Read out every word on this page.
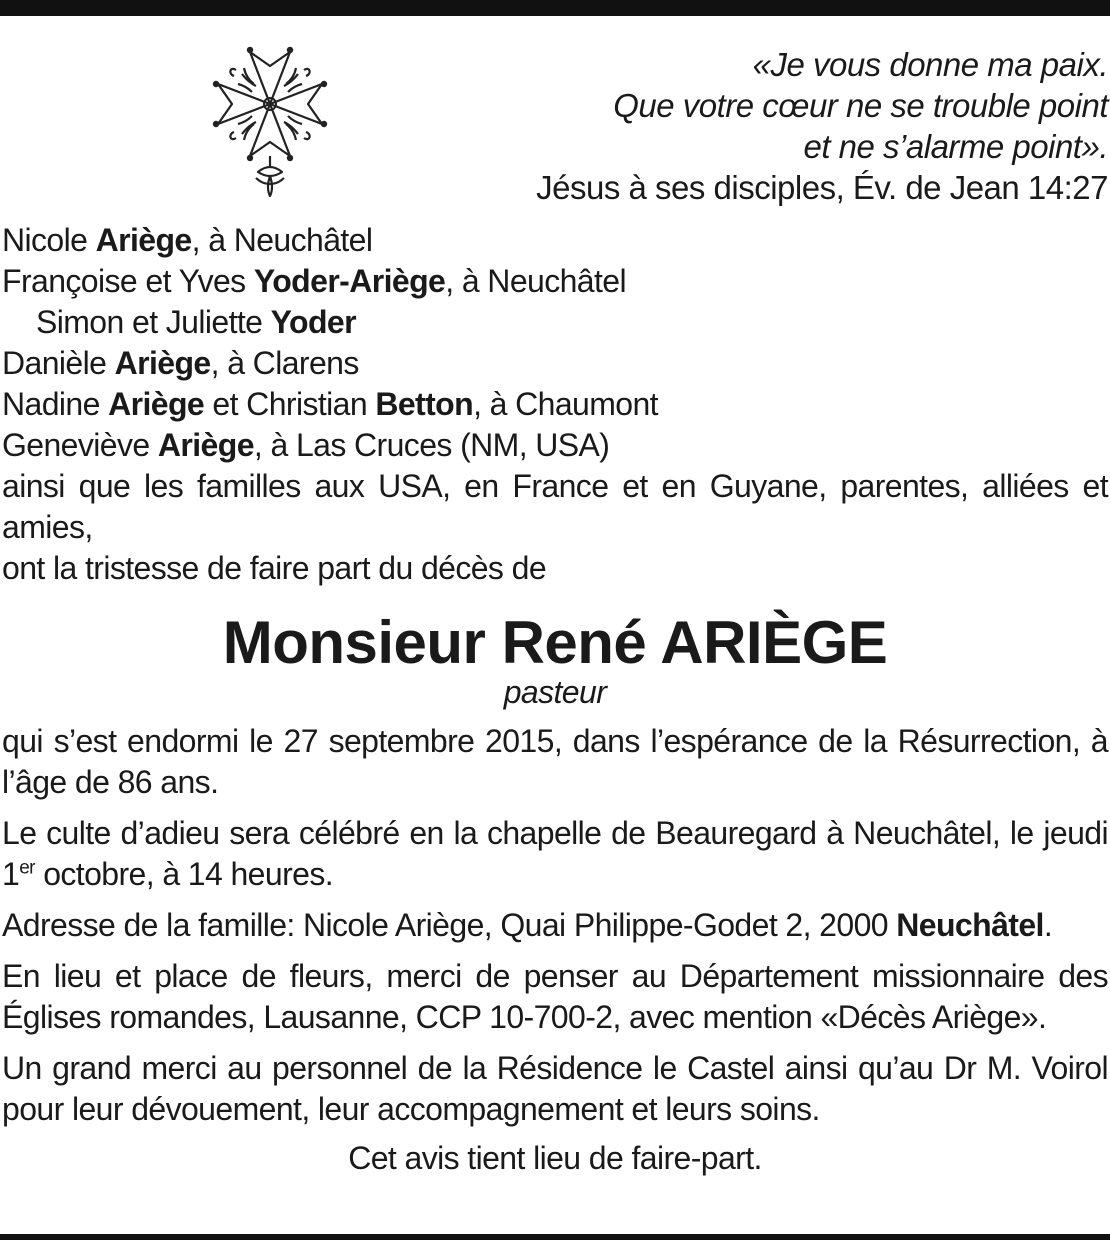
«Je vous donne ma paix.
Que votre cœur ne se trouble point
et ne s’alarme point».
Jésus à ses disciples, Év. de Jean 14:27
Nicole Ariège, à Neuchâtel
Françoise et Yves Yoder-Ariège, à Neuchâtel
Simon et Juliette Yoder
Danièle Ariège, à Clarens
Nadine Ariège et Christian Betton, à Chaumont
Geneviève Ariège, à Las Cruces (NM, USA)
ainsi que les familles aux USA, en France et en Guyane, parentes, alliées et amies,
ont la tristesse de faire part du décès de
Monsieur René ARIÈGE
pasteur
qui s’est endormi le 27 septembre 2015, dans l’espérance de la Résurrection, à l’âge de 86 ans.
Le culte d’adieu sera célébré en la chapelle de Beauregard à Neuchâtel, le jeudi 1er octobre, à 14 heures.
Adresse de la famille: Nicole Ariège, Quai Philippe-Godet 2, 2000 Neuchâtel.
En lieu et place de fleurs, merci de penser au Département missionnaire des Églises romandes, Lausanne, CCP 10-700-2, avec mention «Décès Ariège».
Un grand merci au personnel de la Résidence le Castel ainsi qu’au Dr M. Voirol pour leur dévouement, leur accompagnement et leurs soins.
Cet avis tient lieu de faire-part.
